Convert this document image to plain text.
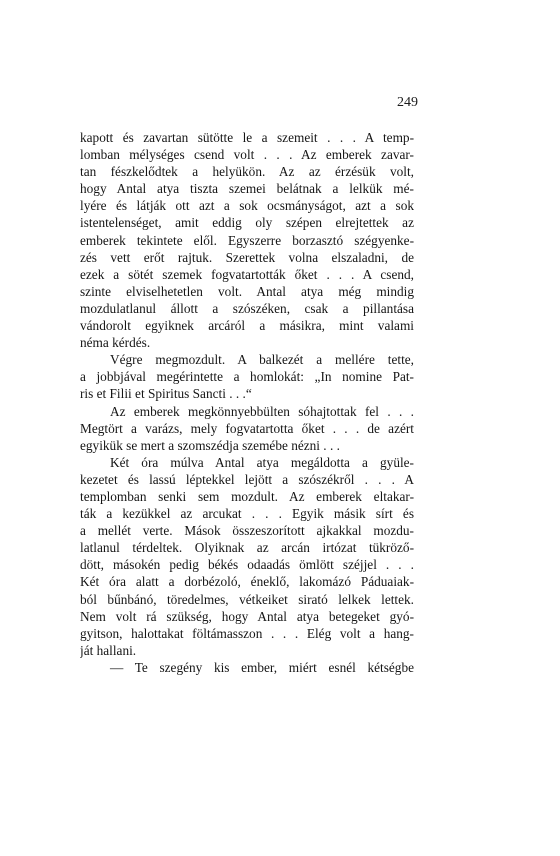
249
kapott és zavartan sütötte le a szemeit . . . A temp-
lomban mélységes csend volt . . . Az emberek zavar-
tan fészkelődtek a helyükön. Az az érzésük volt,
hogy Antal atya tiszta szemei belátnak a lelkük mé-
lyére és látják ott azt a sok ocsmányságot, azt a sok
istentelenséget, amit eddig oly szépen elrejtettek az
emberek tekintete elől. Egyszerre borzasztó szégyenke-
zés vett erőt rajtuk. Szerettek volna elszaladni, de
ezek a sötét szemek fogvatartották őket . . . A csend,
szinte elviselhetetlen volt. Antal atya még mindig
mozdulatlanul állott a szószéken, csak a pillantása
vándorolt egyiknek arcáról a másikra, mint valami
néma kérdés.
Végre megmozdult. A balkezét a mellére tette,
a jobbjával megérintette a homlokát: „In nomine Pat-
ris et Filii et Spiritus Sancti . . .“
Az emberek megkönnyebbülten sóhajtottak fel . . .
Megtört a varázs, mely fogvatartotta őket . . . de azért
egyikük se mert a szomszédja szemébe nézni . . .
Két óra múlva Antal atya megáldotta a gyüle-
kezetet és lassú léptekkel lejött a szószékről . . . A
templomban senki sem mozdult. Az emberek eltakar-
ták a kezükkel az arcukat . . . Egyik másik sírt és
a mellét verte. Mások összeszorított ajkakkal mozdu-
latlanul térdeltek. Olyiknak az arcán irtózat tükröző-
dött, másokén pedig békés odaadás ömlött széjjel . . .
Két óra alatt a dorbézoló, éneklő, lakomázó Páduaiak-
ból bűnbánó, töredelmes, vétkeiket sirató lelkek lettek.
Nem volt rá szükség, hogy Antal atya betegeket gyó-
gyitson, halottakat föltámasszon . . . Elég volt a hang-
ját hallani.
— Te szegény kis ember, miért esnél kétségbe
